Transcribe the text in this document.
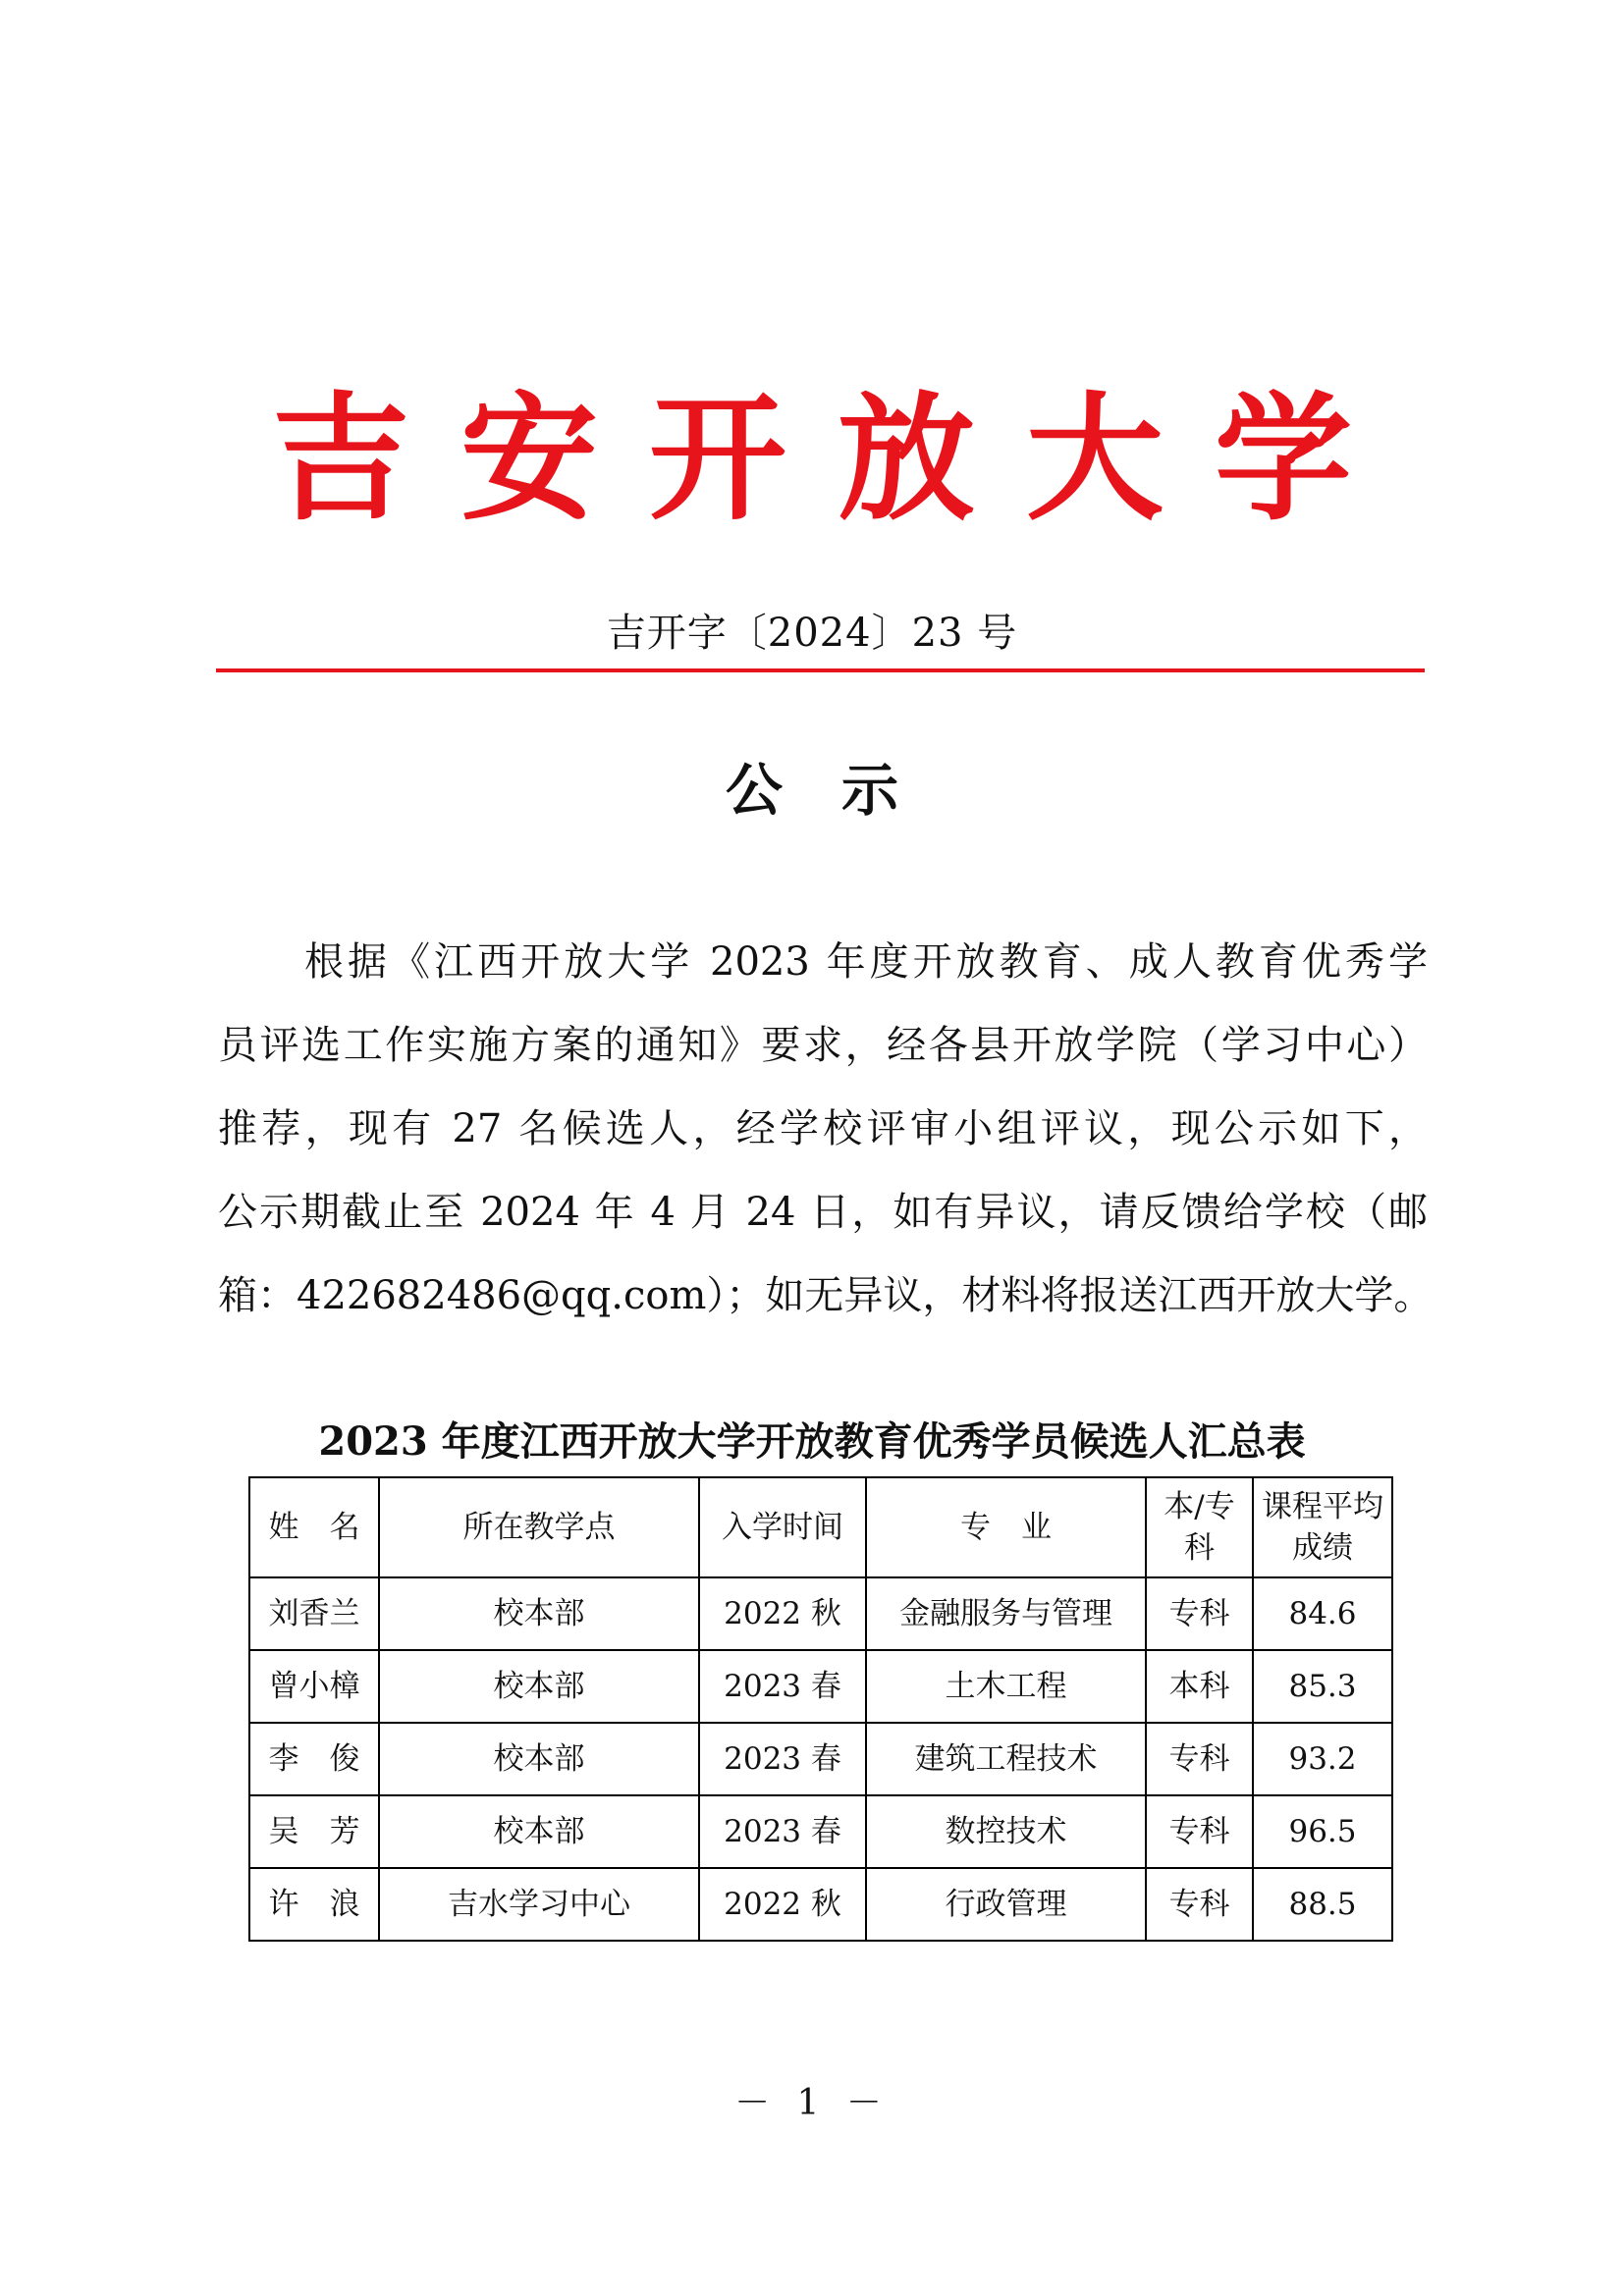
吉安开放大学
吉开字〔2024〕23 号
公示

根据《江西开放大学 2023 年度开放教育、成人教育优秀学
员评选工作实施方案的通知》要求，经各县开放学院（学习中心）
推荐，现有 27 名候选人，经学校评审小组评议，现公示如下，
公示期截止至 2024 年 4 月 24 日，如有异议，请反馈给学校（邮
箱：422682486@qq.com）；如无异议，材料将报送江西开放大学。

2023 年度江西开放大学开放教育优秀学员候选人汇总表
姓　名	所在教学点	入学时间	专　业	本/专科	课程平均成绩
刘香兰	校本部	2022 秋	金融服务与管理	专科	84.6
曾小樟	校本部	2023 春	土木工程	本科	85.3
李　俊	校本部	2023 春	建筑工程技术	专科	93.2
吴　芳	校本部	2023 春	数控技术	专科	96.5
许　浪	吉水学习中心	2022 秋	行政管理	专科	88.5
－ 1 －
